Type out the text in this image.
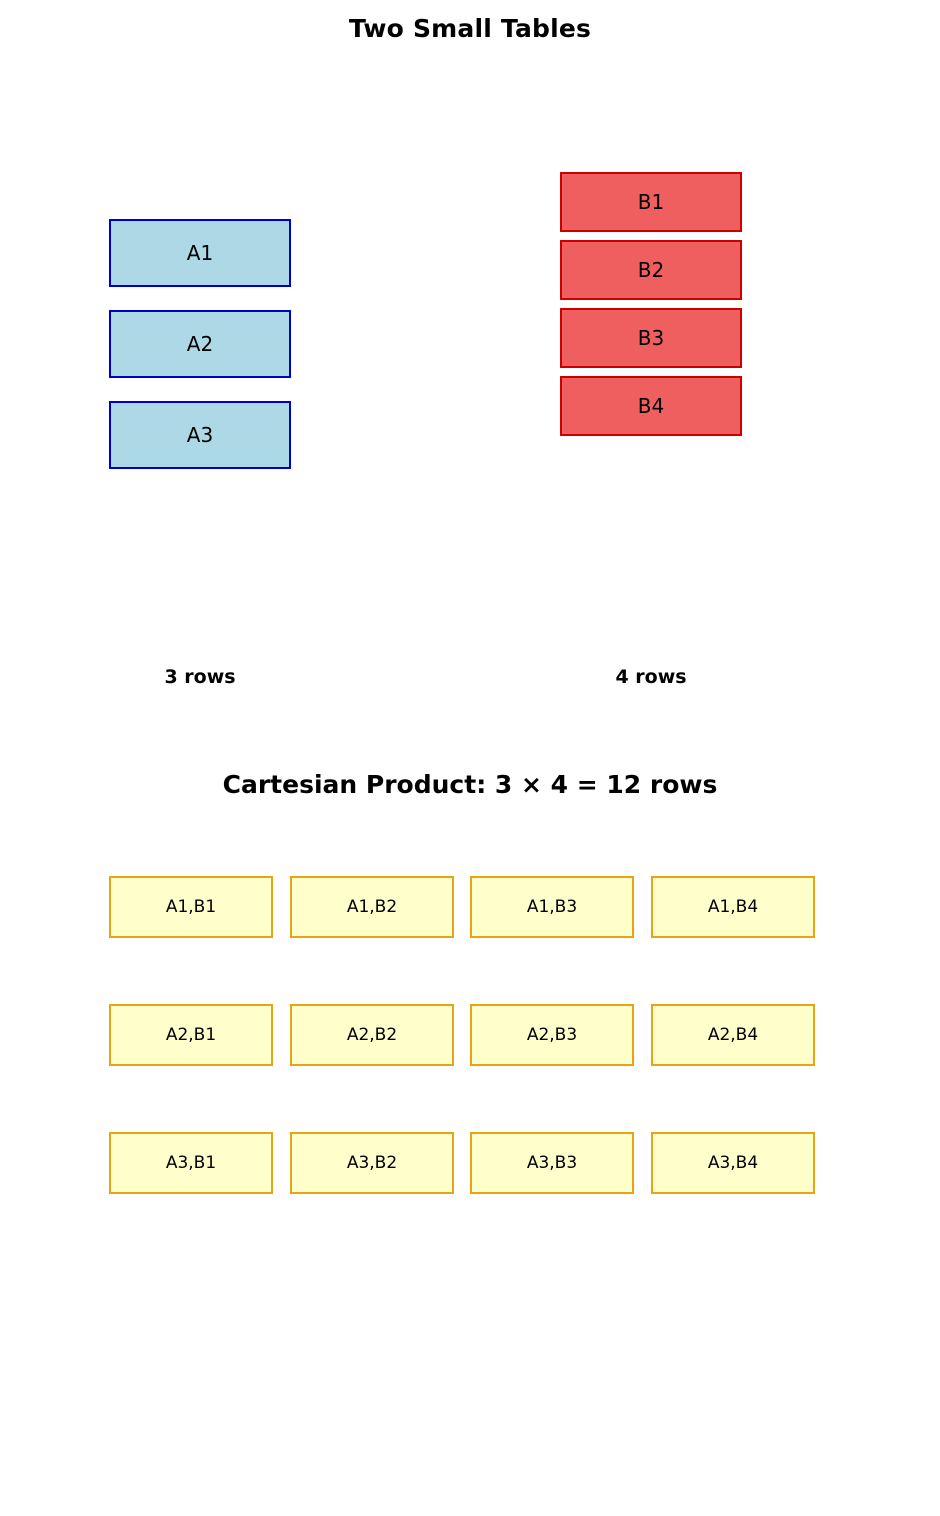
Two Small Tables
A1
A2
A3
B1
B2
B3
B4
3 rows	4 rows
Cartesian Product: 3 × 4 = 12 rows
A1,B1	A1,B2	A1,B3	A1,B4
A2,B1	A2,B2	A2,B3	A2,B4
A3,B1	A3,B2	A3,B3	A3,B4
